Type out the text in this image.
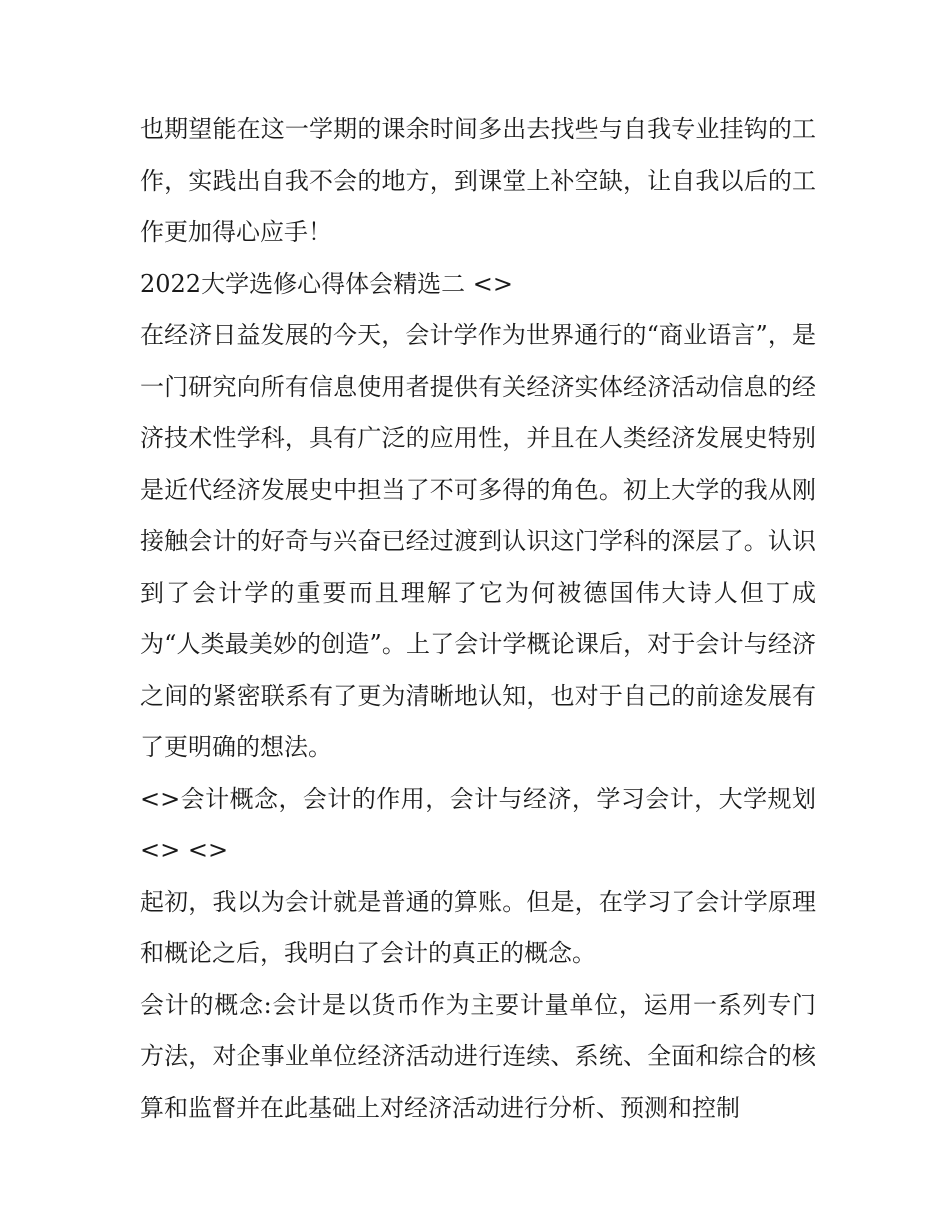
也期望能在这一学期的课余时间多出去找些与自我专业挂钩的工作，实践出自我不会的地方，到课堂上补空缺，让自我以后的工作更加得心应手！

2022大学选修心得体会精选二 <>

在经济日益发展的今天，会计学作为世界通行的“商业语言”，是一门研究向所有信息使用者提供有关经济实体经济活动信息的经济技术性学科，具有广泛的应用性，并且在人类经济发展史特别是近代经济发展史中担当了不可多得的角色。初上大学的我从刚接触会计的好奇与兴奋已经过渡到认识这门学科的深层了。认识到了会计学的重要而且理解了它为何被德国伟大诗人但丁成为“人类最美妙的创造”。上了会计学概论课后，对于会计与经济之间的紧密联系有了更为清晰地认知，也对于自己的前途发展有了更明确的想法。

<>会计概念，会计的作用，会计与经济，学习会计，大学规划 <> <>

起初，我以为会计就是普通的算账。但是，在学习了会计学原理和概论之后，我明白了会计的真正的概念。

会计的概念:会计是以货币作为主要计量单位，运用一系列专门方法，对企事业单位经济活动进行连续、系统、全面和综合的核算和监督并在此基础上对经济活动进行分析、预测和控制
